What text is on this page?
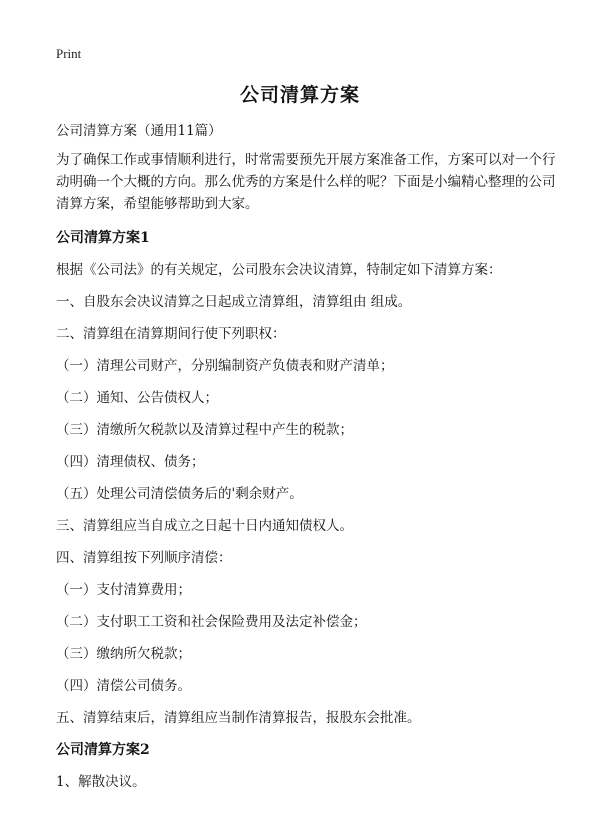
Print
公司清算方案
公司清算方案（通用11篇）
为了确保工作或事情顺利进行，时常需要预先开展方案准备工作，方案可以对一个行动明确一个大概的方向。那么优秀的方案是什么样的呢？下面是小编精心整理的公司清算方案，希望能够帮助到大家。
公司清算方案1
根据《公司法》的有关规定，公司股东会决议清算，特制定如下清算方案：
一、自股东会决议清算之日起成立清算组，清算组由 组成。
二、清算组在清算期间行使下列职权：
（一）清理公司财产，分别编制资产负债表和财产清单；
（二）通知、公告债权人；
（三）清缴所欠税款以及清算过程中产生的税款；
（四）清理债权、债务；
（五）处理公司清偿债务后的'剩余财产。
三、清算组应当自成立之日起十日内通知债权人。
四、清算组按下列顺序清偿：
（一）支付清算费用；
（二）支付职工工资和社会保险费用及法定补偿金；
（三）缴纳所欠税款；
（四）清偿公司债务。
五、清算结束后，清算组应当制作清算报告，报股东会批准。
公司清算方案2
1、解散决议。
